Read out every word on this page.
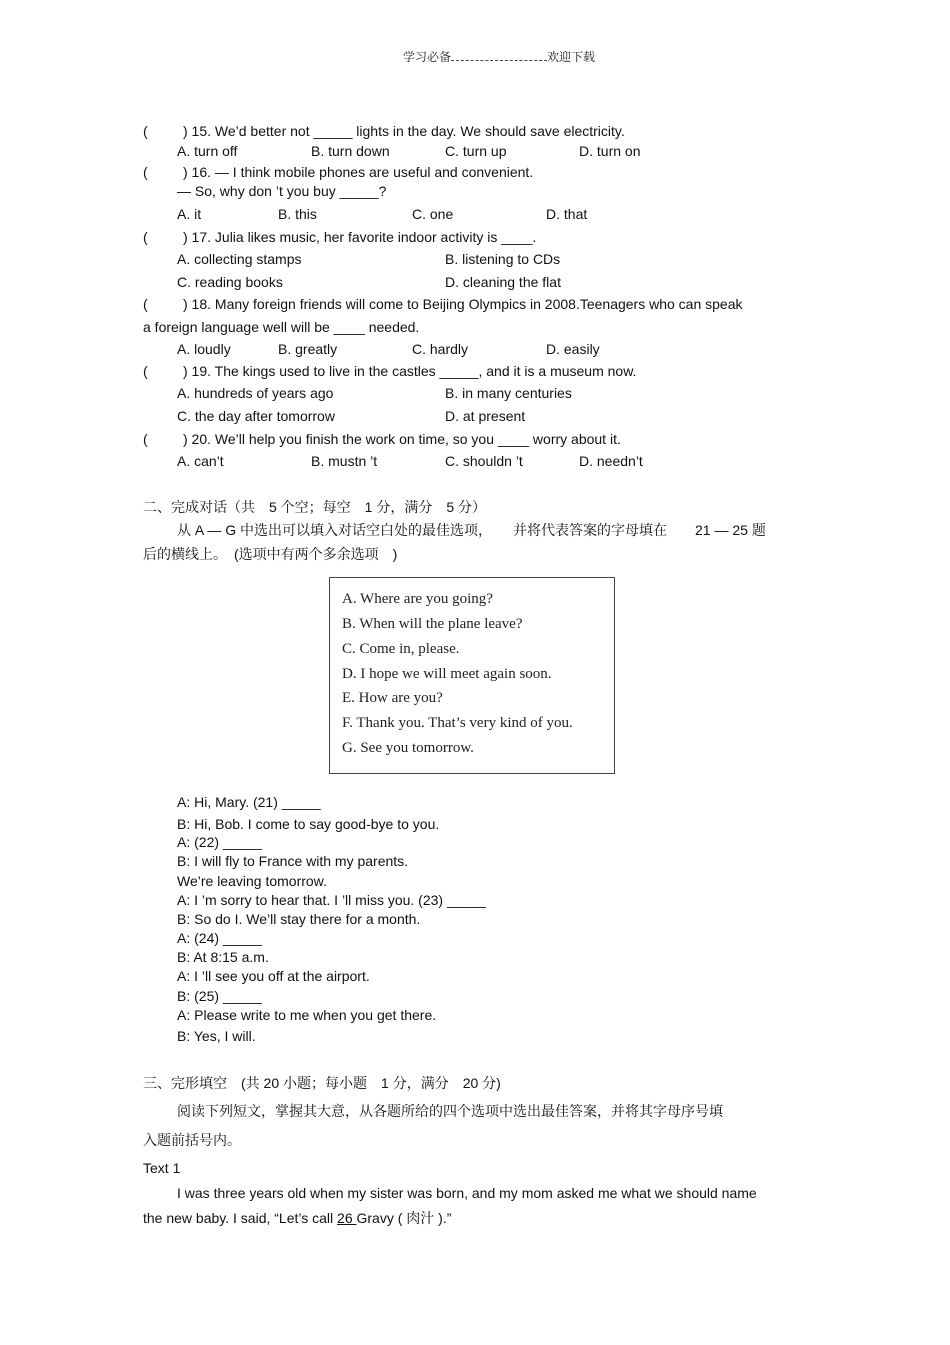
学习必备	欢迎下载
(	) 15. We’d better not _____ lights in the day. We should save electricity.
A. turn off	B. turn down	C. turn up	D. turn on
(	) 16. — I think mobile phones are useful and convenient.
— So, why don ’t you buy _____?
A. it	B. this	C. one	D. that
(	) 17. Julia likes music, her favorite indoor activity is ____.
A. collecting stamps	B. listening to CDs
C. reading books	D. cleaning the flat
(	) 18. Many foreign friends will come to Beijing Olympics in 2008.Teenagers who can speak
a foreign language well will be ____ needed.
A. loudly	B. greatly	C. hardly	D. easily
(	) 19. The kings used to live in the castles _____, and it is a museum now.
A. hundreds of years ago	B. in many centuries
C. the day after tomorrow	D. at present
(	) 20. We’ll help you finish the work on time, so you ____ worry about it.
A. can’t	B. mustn ’t	C. shouldn ’t	D. needn’t
二、完成对话（共　5 个空；每空　1 分，满分　5 分）
从 A — G 中选出可以填入对话空白处的最佳选项，　　并将代表答案的字母填在　　21 — 25 题
后的横线上。　(选项中有两个多余选项　)
A. Where are you going?
B. When will the plane leave?
C. Come in, please.
D. I hope we will meet again soon.
E. How are you?
F. Thank you. That’s very kind of you.
G. See you tomorrow.
A: Hi, Mary. (21) _____
B: Hi, Bob. I come to say good-bye to you.
A: (22) _____
B: I will fly to France with my parents.
We’re leaving tomorrow.
A: I ’m sorry to hear that. I ’ll miss you. (23) _____
B: So do I. We’ll stay there for a month.
A: (24) _____
B: At 8:15 a.m.
A: I ’ll see you off at the airport.
B: (25) _____
A: Please write to me when you get there.
B: Yes, I will.
三、完形填空　(共 20 小题；每小题　1 分，满分　20 分)
阅读下列短文，掌握其大意，从各题所给的四个选项中选出最佳答案，并将其字母序号填
入题前括号内。
Text 1
I was three years old when my sister was born, and my mom asked me what we should name
the new baby. I said, “Let’s call 26 Gravy ( 肉汁 ).”
